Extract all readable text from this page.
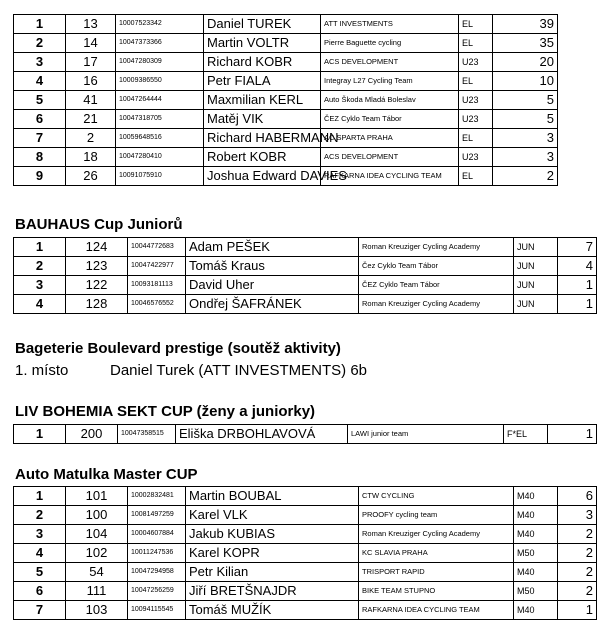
1	13	10007523342	Daniel TUREK	ATT INVESTMENTS	EL	39
2	14	10047373366	Martin VOLTR	Pierre Baguette cycling	EL	35
3	17	10047280309	Richard KOBR	ACS DEVELOPMENT	U23	20
4	16	10009386550	Petr FIALA	Integray L27 Cycling Team	EL	10
5	41	10047264444	Maxmilian KERL	Auto Škoda Mladá Boleslav	U23	5
6	21	10047318705	Matěj VIK	ČEZ Cyklo Team Tábor	U23	5
7	2	10059648516	Richard HABERMANN	AC SPARTA PRAHA	EL	3
8	18	10047280410	Robert KOBR	ACS DEVELOPMENT	U23	3
9	26	10091075910	Joshua Edward DAVIES	RAFKARNA IDEA CYCLING TEAM	EL	2
BAUHAUS Cup Juniorů
1	124	10044772683	Adam PEŠEK	Roman Kreuziger Cycling Academy	JUN	7
2	123	10047422977	Tomáš Kraus	Čez Cyklo Team Tábor	JUN	4
3	122	10093181113	David Uher	ČEZ Cyklo Team Tábor	JUN	1
4	128	10046576552	Ondřej ŠAFRÁNEK	Roman Kreuziger Cycling Academy	JUN	1
Bageterie Boulevard prestige (soutěž aktivity)
1. místo	Daniel Turek (ATT INVESTMENTS) 6b
LIV BOHEMIA SEKT CUP (ženy a juniorky)
1	200	10047358515	Eliška DRBOHLAVOVÁ	LAWI junior team	F*EL	1
Auto Matulka Master CUP
1	101	10002832481	Martin BOUBAL	CTW CYCLING	M40	6
2	100	10081497259	Karel VLK	PROOFY cycling team	M40	3
3	104	10004607884	Jakub KUBIAS	Roman Kreuziger Cycling Academy	M40	2
4	102	10011247536	Karel KOPR	KC SLAVIA PRAHA	M50	2
5	54	10047294958	Petr Kilian	TRISPORT RAPID	M40	2
6	111	10047256259	Jiří BRETŠNAJDR	BIKE TEAM STUPNO	M50	2
7	103	10094115545	Tomáš MUŽÍK	RAFKARNA IDEA CYCLING TEAM	M40	1
